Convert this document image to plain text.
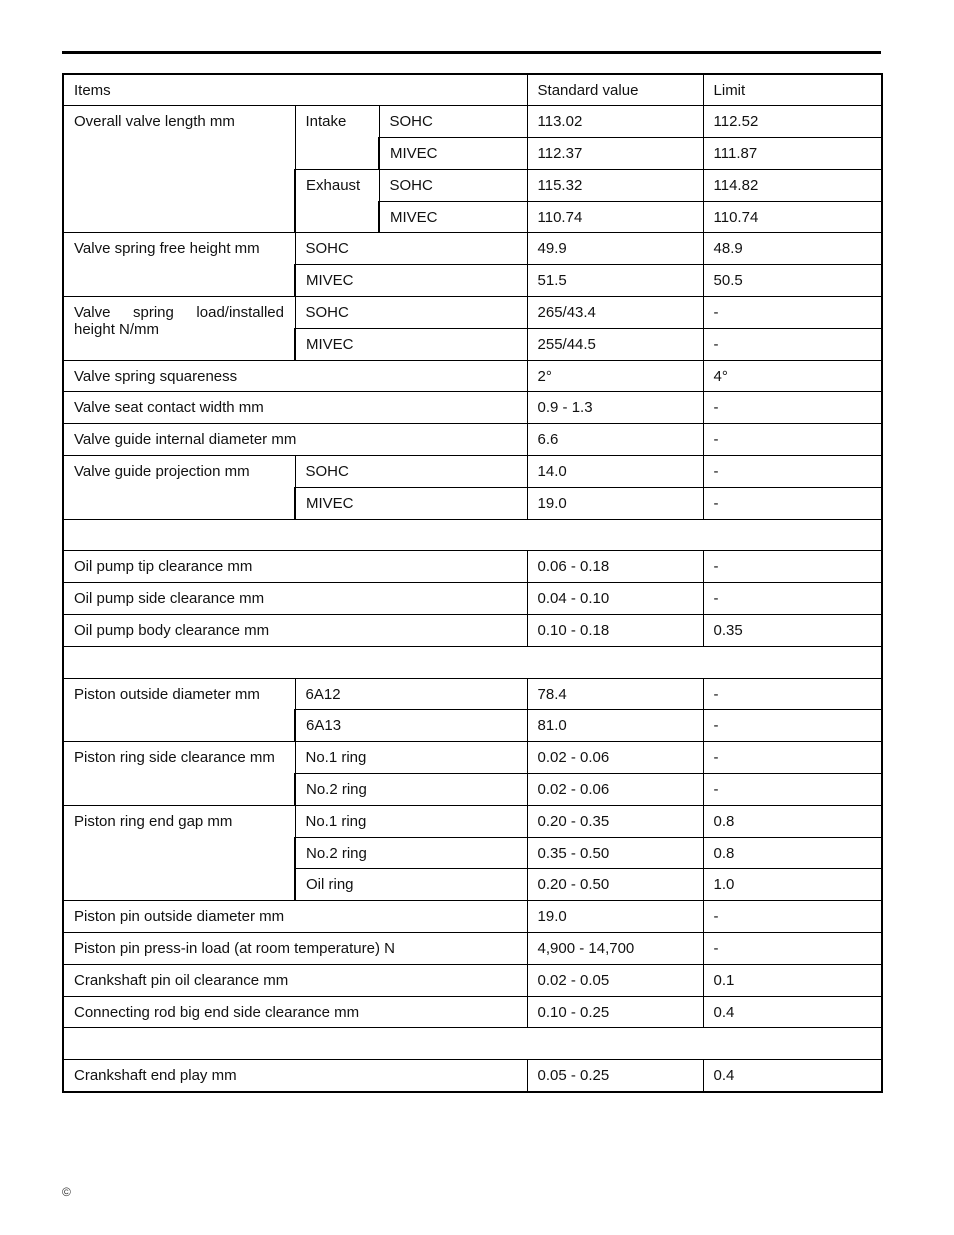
Items			Standard value	Limit
Overall valve length mm	Intake	SOHC	113.02	112.52
		MIVEC	112.37	111.87
	Exhaust	SOHC	115.32	114.82
		MIVEC	110.74	110.74
Valve spring free height mm	SOHC		49.9	48.9
	MIVEC		51.5	50.5
Valve spring load/installed height N/mm	SOHC		265/43.4	-
	MIVEC		255/44.5	-
Valve spring squareness			2°	4°
Valve seat contact width mm			0.9 - 1.3	-
Valve guide internal diameter mm			6.6	-
Valve guide projection mm	SOHC		14.0	-
	MIVEC		19.0	-

Oil pump tip clearance mm			0.06 - 0.18	-
Oil pump side clearance mm			0.04 - 0.10	-
Oil pump body clearance mm			0.10 - 0.18	0.35

Piston outside diameter mm	6A12		78.4	-
	6A13		81.0	-
Piston ring side clearance mm	No.1 ring		0.02 - 0.06	-
	No.2 ring		0.02 - 0.06	-
Piston ring end gap mm	No.1 ring		0.20 - 0.35	0.8
	No.2 ring		0.35 - 0.50	0.8
	Oil ring		0.20 - 0.50	1.0
Piston pin outside diameter mm			19.0	-
Piston pin press-in load (at room temperature) N			4,900 - 14,700	-
Crankshaft pin oil clearance mm			0.02 - 0.05	0.1
Connecting rod big end side clearance mm			0.10 - 0.25	0.4

Crankshaft end play mm			0.05 - 0.25	0.4
©
